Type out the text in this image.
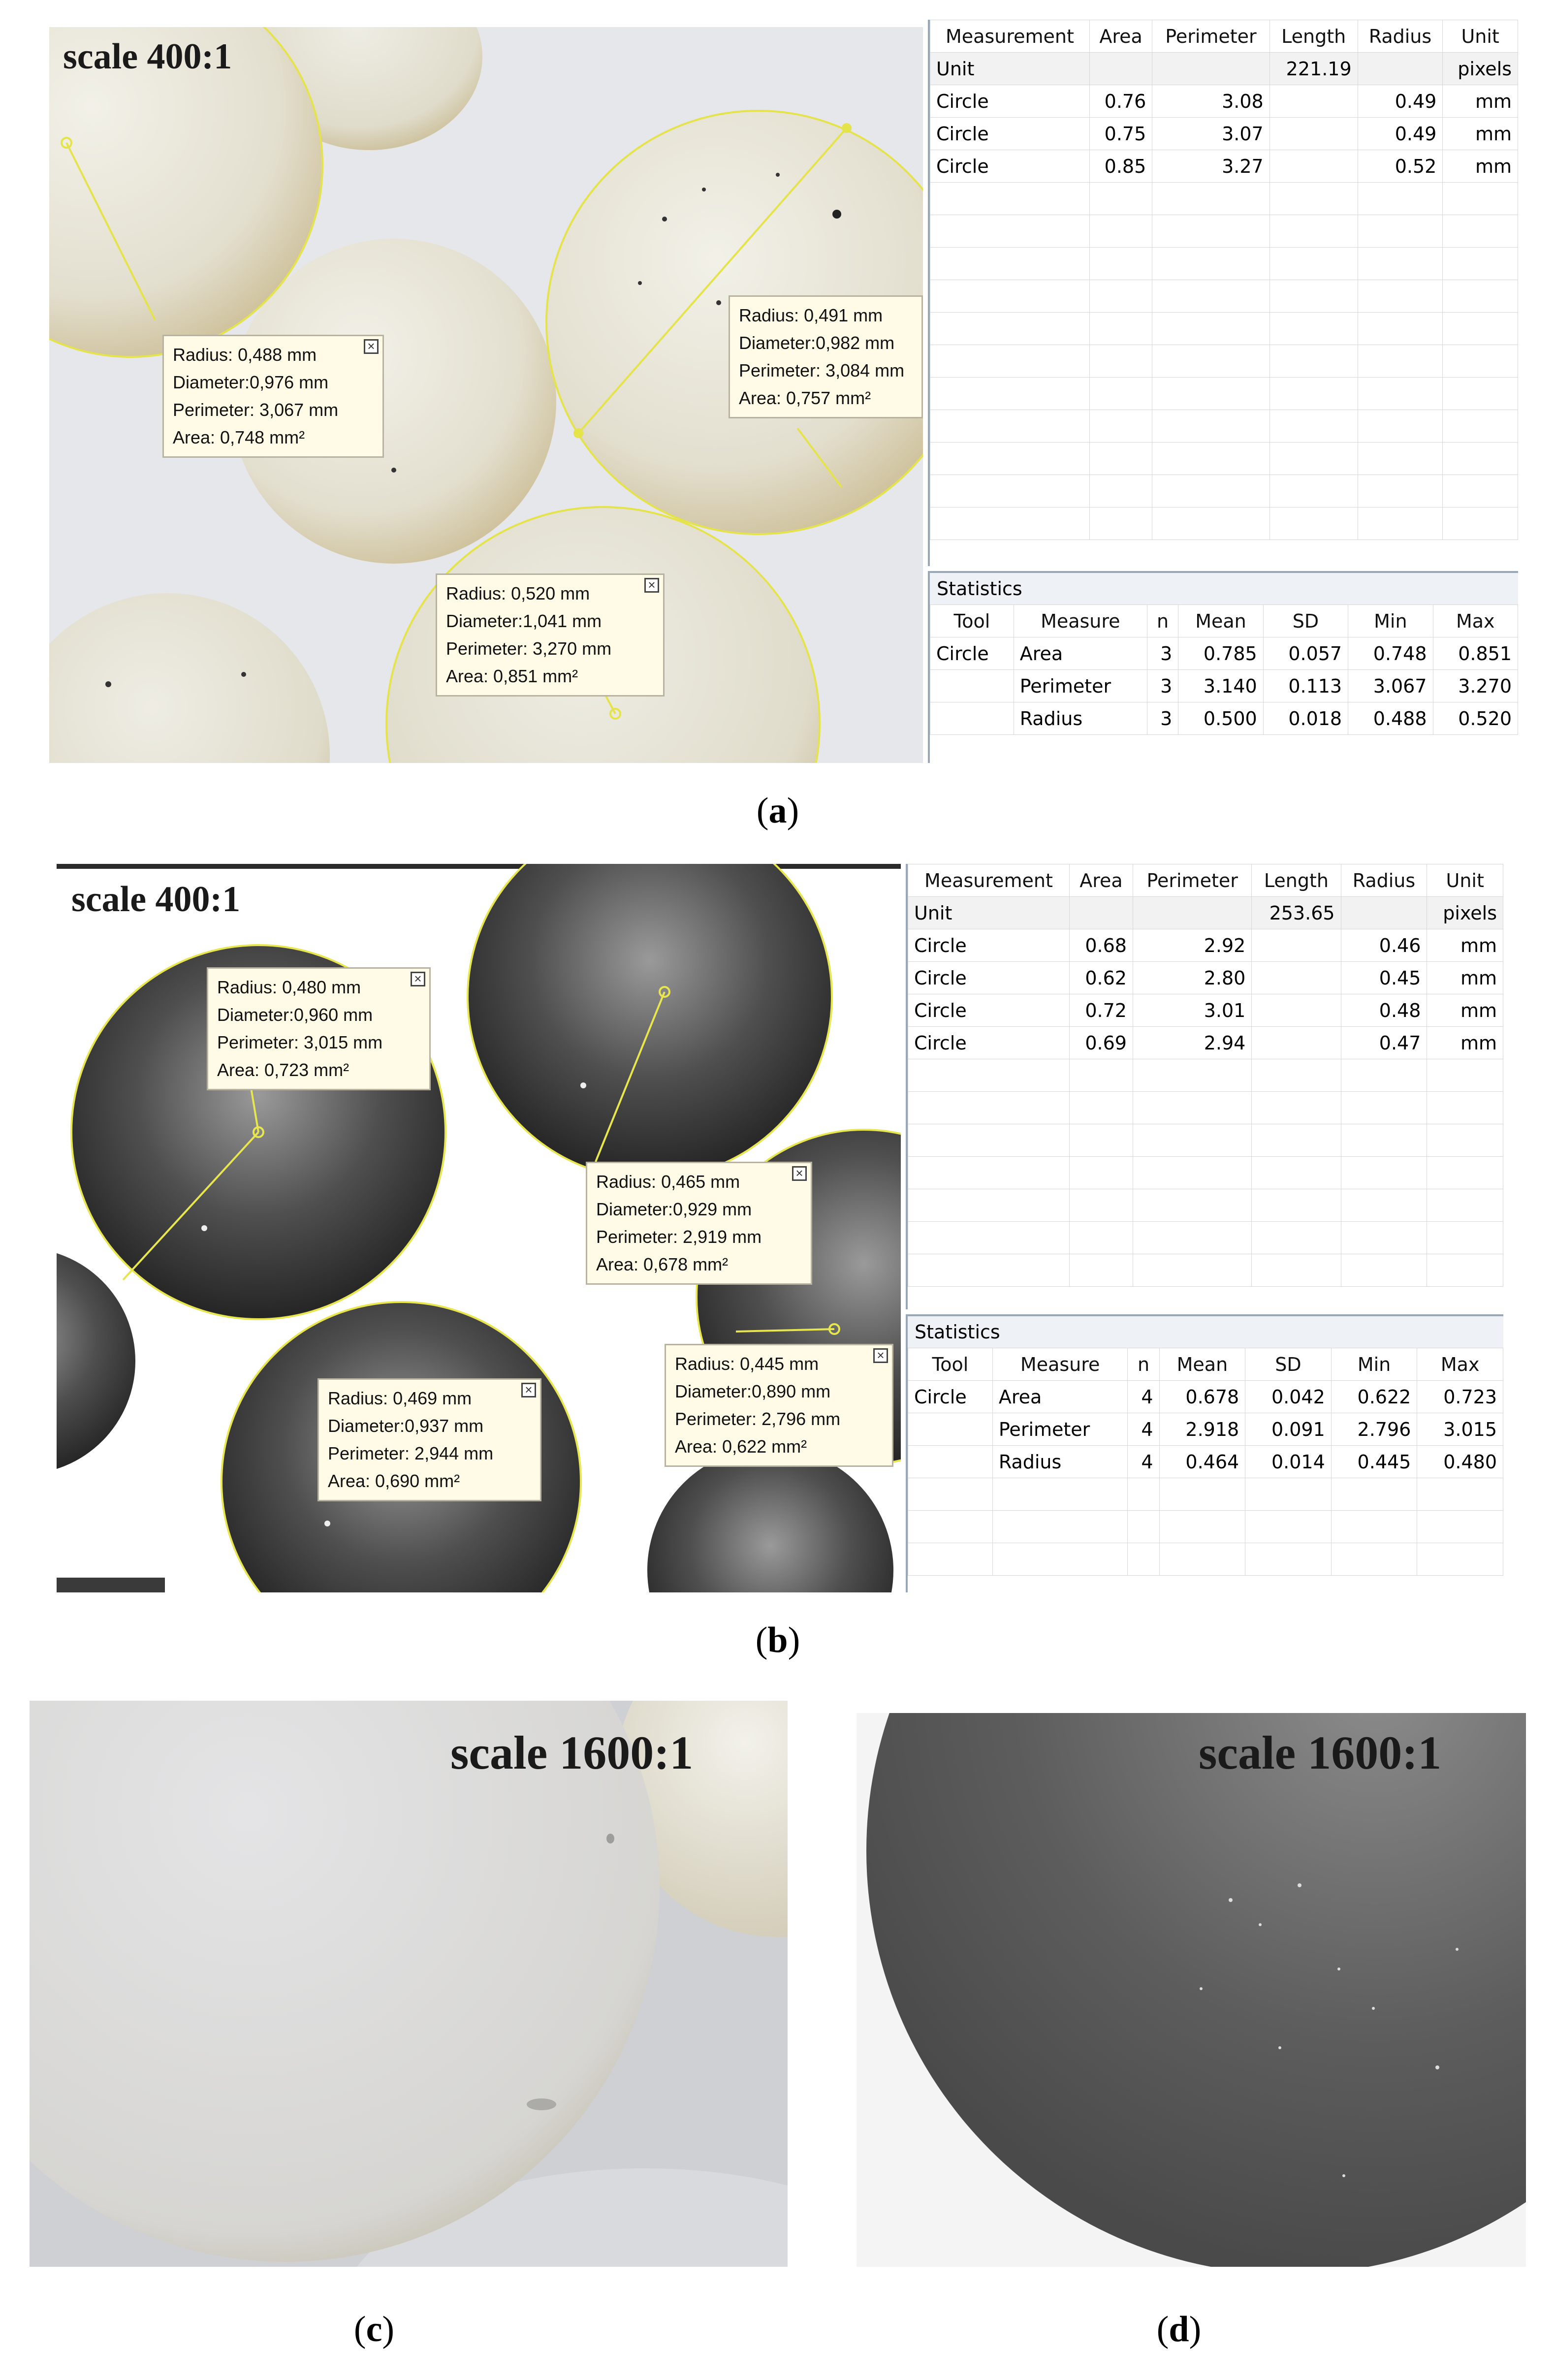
scale 400:1
×
Radius: 0,488 mm
Diameter:0,976 mm
Perimeter: 3,067 mm
Area: 0,748 mm²
Radius: 0,491 mm
Diameter:0,982 mm
Perimeter: 3,084 mm
Area: 0,757 mm²
×
Radius: 0,520 mm
Diameter:1,041 mm
Perimeter: 3,270 mm
Area: 0,851 mm²
Measurement	Area	Perimeter	Length	Radius	Unit
Unit			221.19		pixels
Circle	0.76	3.08		0.49	mm
Circle	0.75	3.07		0.49	mm
Circle	0.85	3.27		0.52	mm

Statistics
Tool	Measure	n	Mean	SD	Min	Max
Circle	Area	3	0.785	0.057	0.748	0.851
	Perimeter	3	3.140	0.113	3.067	3.270
	Radius	3	0.500	0.018	0.488	0.520
(a)
scale 400:1
×
Radius: 0,480 mm
Diameter:0,960 mm
Perimeter: 3,015 mm
Area: 0,723 mm²
×
Radius: 0,465 mm
Diameter:0,929 mm
Perimeter: 2,919 mm
Area: 0,678 mm²
×
Radius: 0,469 mm
Diameter:0,937 mm
Perimeter: 2,944 mm
Area: 0,690 mm²
×
Radius: 0,445 mm
Diameter:0,890 mm
Perimeter: 2,796 mm
Area: 0,622 mm²
Measurement	Area	Perimeter	Length	Radius	Unit
Unit			253.65		pixels
Circle	0.68	2.92		0.46	mm
Circle	0.62	2.80		0.45	mm
Circle	0.72	3.01		0.48	mm
Circle	0.69	2.94		0.47	mm

Statistics
Tool	Measure	n	Mean	SD	Min	Max
Circle	Area	4	0.678	0.042	0.622	0.723
	Perimeter	4	2.918	0.091	2.796	3.015
	Radius	4	0.464	0.014	0.445	0.480

(b)
scale 1600:1
(c)
scale 1600:1
(d)
